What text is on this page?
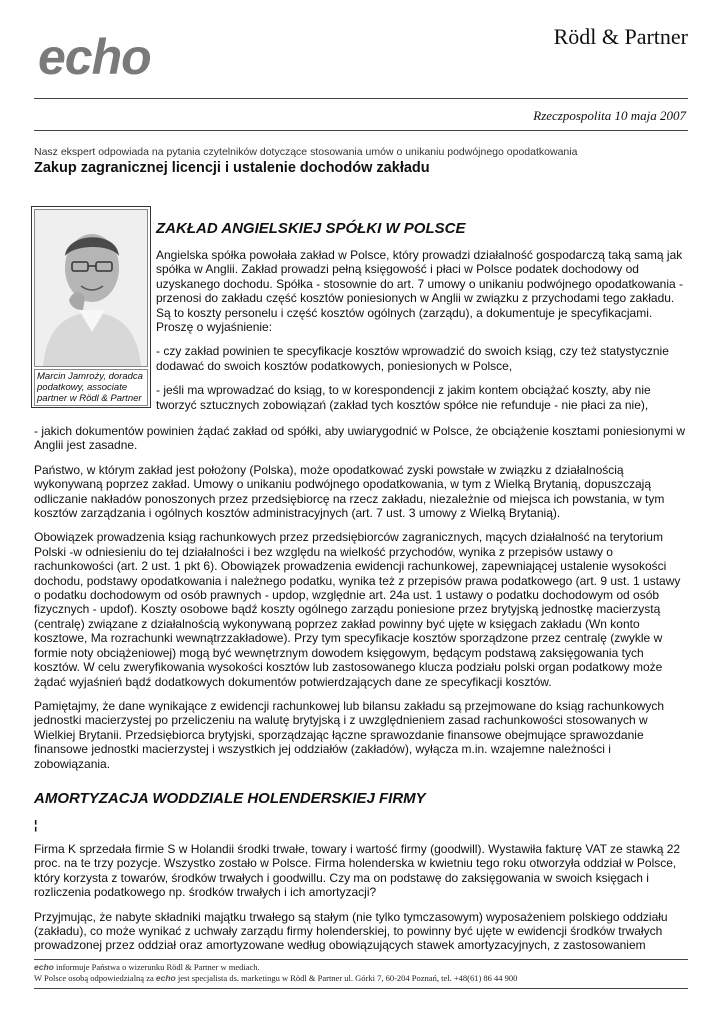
echo	Rödl & Partner
Rzeczpospolita 10 maja 2007
Nasz ekspert odpowiada na pytania czytelników dotyczące stosowania umów o unikaniu podwójnego opodatkowania
Zakup zagranicznej licencji i ustalenie dochodów zakładu
Marcin Jamroży, doradca podatkowy, associate partner w Rödl & Partner
ZAKŁAD ANGIELSKIEJ SPÓŁKI W POLSCE

Angielska spółka powołała zakład w Polsce, który prowadzi działalność gospodarczą taką samą jak spółka w Anglii. Zakład prowadzi pełną księgowość i płaci w Polsce podatek dochodowy od uzyskanego dochodu. Spółka - stosownie do art. 7 umowy o unikaniu podwójnego opodatkowania - przenosi do zakładu część kosztów poniesionych w Anglii w związku z przychodami tego zakładu. Są to koszty personelu i część kosztów ogólnych (zarządu), a dokumentuje je specyfikacjami. Proszę o wyjaśnienie:

- czy zakład powinien te specyfikacje kosztów wprowadzić do swoich ksiąg, czy też statystycznie dodawać do swoich kosztów podatkowych, poniesionych w Polsce,

- jeśli ma wprowadzać do ksiąg, to w korespondencji z jakim kontem obciążać koszty, aby nie tworzyć sztucznych zobowiązań (zakład tych kosztów spółce nie refunduje - nie płaci za nie),

- jakich dokumentów powinien żądać zakład od spółki, aby uwiarygodnić w Polsce, że obciążenie kosztami poniesionymi w Anglii jest zasadne.

Państwo, w którym zakład jest położony (Polska), może opodatkować zyski powstałe w związku z działalnością wykonywaną poprzez zakład. Umowy o unikaniu podwójnego opodatkowania, w tym z Wielką Brytanią, dopuszczają odliczanie nakładów ponoszonych przez przedsiębiorcę na rzecz zakładu, niezależnie od miejsca ich powstania, w tym kosztów zarządzania i ogólnych kosztów administracyjnych (art. 7 ust. 3 umowy z Wielką Brytanią).

Obowiązek prowadzenia ksiąg rachunkowych przez przedsiębiorców zagranicznych, mących działalność na terytorium Polski -w odniesieniu do tej działalności i bez względu na wielkość przychodów, wynika z przepisów ustawy o rachunkowości (art. 2 ust. 1 pkt 6). Obowiązek prowadzenia ewidencji rachunkowej, zapewniającej ustalenie wysokości dochodu, podstawy opodatkowania i należnego podatku, wynika też z przepisów prawa podatkowego (art. 9 ust. 1 ustawy o podatku dochodowym od osób prawnych - updop, względnie art. 24a ust. 1 ustawy o podatku dochodowym od osób fizycznych - updof). Koszty osobowe bądź koszty ogólnego zarządu poniesione przez brytyjską jednostkę macierzystą (centralę) związane z działalnością wykonywaną poprzez zakład powinny być ujęte w księgach zakładu (Wn konto kosztowe, Ma rozrachunki wewnątrzzakładowe). Przy tym specyfikacje kosztów sporządzone przez centralę (zwykle w formie noty obciążeniowej) mogą być wewnętrznym dowodem księgowym, będącym podstawą zaksięgowania tych kosztów. W celu zweryfikowania wysokości kosztów lub zastosowanego klucza podziału polski organ podatkowy może żądać wyjaśnień bądź dodatkowych dokumentów potwierdzających dane ze specyfikacji kosztów.

Pamiętajmy, że dane wynikające z ewidencji rachunkowej lub bilansu zakładu są przejmowane do ksiąg rachunkowych jednostki macierzystej po przeliczeniu na walutę brytyjską i z uwzględnieniem zasad rachunkowości stosowanych w Wielkiej Brytanii. Przedsiębiorca brytyjski, sporządzając łączne sprawozdanie finansowe obejmujące sprawozdanie finansowe jednostki macierzystej i wszystkich jej oddziałów (zakładów), wyłącza m.in. wzajemne należności i zobowiązania.

AMORTYZACJA WODDZIALE HOLENDERSKIEJ FIRMY
¦

Firma K sprzedała firmie S w Holandii środki trwałe, towary i wartość firmy (goodwill). Wystawiła fakturę VAT ze stawką 22 proc. na te trzy pozycje. Wszystko zostało w Polsce. Firma holenderska w kwietniu tego roku otworzyła oddział w Polsce, który korzysta z towarów, środków trwałych i goodwillu. Czy ma on podstawę do zaksięgowania w swoich księgach i rozliczenia podatkowego np. środków trwałych i ich amortyzacji?

Przyjmując, że nabyte składniki majątku trwałego są stałym (nie tylko tymczasowym) wyposażeniem polskiego oddziału (zakładu), co może wynikać z uchwały zarządu firmy holenderskiej, to powinny być ujęte w ewidencji środków trwałych prowadzonej przez oddział oraz amortyzowane według obowiązujących stawek amortyzacyjnych, z zastosowaniem

echo informuje Państwa o wizerunku Rödl & Partner w mediach.
W Polsce osobą odpowiedzialną za echo jest specjalista ds. marketingu w Rödl & Partner ul. Górki 7, 60-204 Poznań, tel. +48(61) 86 44 900
